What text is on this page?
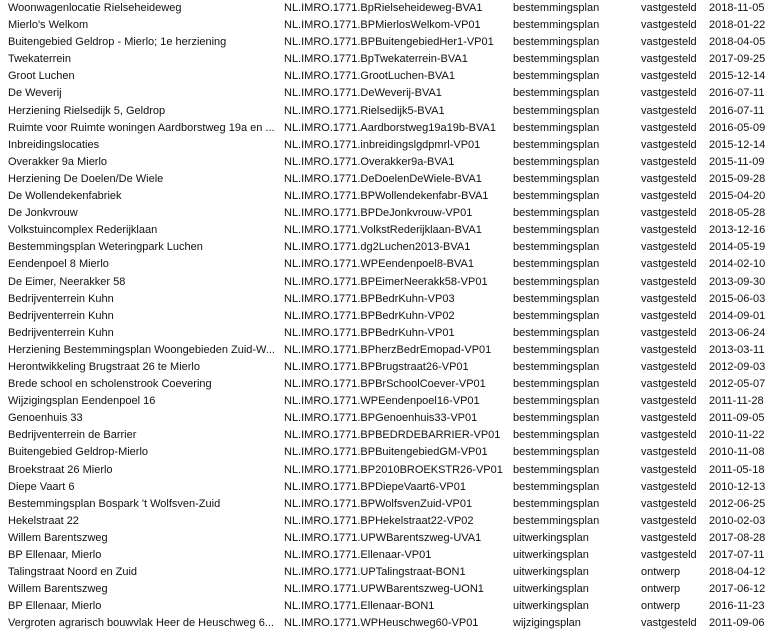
Woonwagenlocatie Rielseheideweg	NL.IMRO.1771.BpRielseheideweg-BVA1	bestemmingsplan	vastgesteld	2018-11-05
Mierlo's Welkom	NL.IMRO.1771.BPMierlosWelkom-VP01	bestemmingsplan	vastgesteld	2018-01-22
Buitengebied Geldrop - Mierlo; 1e herziening	NL.IMRO.1771.BPBuitengebiedHer1-VP01	bestemmingsplan	vastgesteld	2018-04-05
Twekaterrein	NL.IMRO.1771.BpTwekaterrein-BVA1	bestemmingsplan	vastgesteld	2017-09-25
Groot Luchen	NL.IMRO.1771.GrootLuchen-BVA1	bestemmingsplan	vastgesteld	2015-12-14
De Weverij	NL.IMRO.1771.DeWeverij-BVA1	bestemmingsplan	vastgesteld	2016-07-11
Herziening Rielsedijk 5, Geldrop	NL.IMRO.1771.Rielsedijk5-BVA1	bestemmingsplan	vastgesteld	2016-07-11
Ruimte voor Ruimte woningen Aardborstweg 19a en ... NL.IMRO.1771.Aardborstweg19a19b-BVA1	bestemmingsplan	vastgesteld	2016-05-09
Inbreidingslocaties	NL.IMRO.1771.inbreidingslgdpmrl-VP01	bestemmingsplan	vastgesteld	2015-12-14
Overakker 9a Mierlo	NL.IMRO.1771.Overakker9a-BVA1	bestemmingsplan	vastgesteld	2015-11-09
Herziening De Doelen/De Wiele	NL.IMRO.1771.DeDoelenDeWiele-BVA1	bestemmingsplan	vastgesteld	2015-09-28
De Wollendekenfabriek	NL.IMRO.1771.BPWollendekenfabr-BVA1	bestemmingsplan	vastgesteld	2015-04-20
De Jonkvrouw	NL.IMRO.1771.BPDeJonkvrouw-VP01	bestemmingsplan	vastgesteld	2018-05-28
Volkstuincomplex Rederijklaan	NL.IMRO.1771.VolkstRederijklaan-BVA1	bestemmingsplan	vastgesteld	2013-12-16
Bestemmingsplan Weteringpark Luchen	NL.IMRO.1771.dg2Luchen2013-BVA1	bestemmingsplan	vastgesteld	2014-05-19
Eendenpoel 8 Mierlo	NL.IMRO.1771.WPEendenpoel8-BVA1	bestemmingsplan	vastgesteld	2014-02-10
De Eimer, Neerakker 58	NL.IMRO.1771.BPEimerNeerakk58-VP01	bestemmingsplan	vastgesteld	2013-09-30
Bedrijventerrein Kuhn	NL.IMRO.1771.BPBedrKuhn-VP03	bestemmingsplan	vastgesteld	2015-06-03
Bedrijventerrein Kuhn	NL.IMRO.1771.BPBedrKuhn-VP02	bestemmingsplan	vastgesteld	2014-09-01
Bedrijventerrein Kuhn	NL.IMRO.1771.BPBedrKuhn-VP01	bestemmingsplan	vastgesteld	2013-06-24
Herziening Bestemmingsplan Woongebieden Zuid-W... NL.IMRO.1771.BPherzBedrEmopad-VP01	bestemmingsplan	vastgesteld	2013-03-11
Herontwikkeling Brugstraat 26 te Mierlo	NL.IMRO.1771.BPBrugstraat26-VP01	bestemmingsplan	vastgesteld	2012-09-03
Brede school en scholenstrook Coevering	NL.IMRO.1771.BPBrSchoolCoever-VP01	bestemmingsplan	vastgesteld	2012-05-07
Wijzigingsplan Eendenpoel 16	NL.IMRO.1771.WPEendenpoel16-VP01	bestemmingsplan	vastgesteld	2011-11-28
Genoenhuis 33	NL.IMRO.1771.BPGenoenhuis33-VP01	bestemmingsplan	vastgesteld	2011-09-05
Bedrijventerrein de Barrier	NL.IMRO.1771.BPBEDRDEBARRIER-VP01	bestemmingsplan	vastgesteld	2010-11-22
Buitengebied Geldrop-Mierlo	NL.IMRO.1771.BPBuitengebiedGM-VP01	bestemmingsplan	vastgesteld	2010-11-08
Broekstraat 26 Mierlo	NL.IMRO.1771.BP2010BROEKSTR26-VP01 bestemmingsplan	vastgesteld	2011-05-18
Diepe Vaart 6	NL.IMRO.1771.BPDiepeVaart6-VP01	bestemmingsplan	vastgesteld	2010-12-13
Bestemmingsplan Bospark 't Wolfsven-Zuid	NL.IMRO.1771.BPWolfsvenZuid-VP01	bestemmingsplan	vastgesteld	2012-06-25
Hekelstraat 22	NL.IMRO.1771.BPHekelstraat22-VP02	bestemmingsplan	vastgesteld	2010-02-03
Willem Barentszweg	NL.IMRO.1771.UPWBarentszweg-UVA1	uitwerkingsplan	vastgesteld	2017-08-28
BP Ellenaar, Mierlo	NL.IMRO.1771.Ellenaar-VP01	uitwerkingsplan	vastgesteld	2017-07-11
Talingstraat Noord en Zuid	NL.IMRO.1771.UPTalingstraat-BON1	uitwerkingsplan	ontwerp	2018-04-12
Willem Barentszweg	NL.IMRO.1771.UPWBarentszweg-UON1	uitwerkingsplan	ontwerp	2017-06-12
BP Ellenaar, Mierlo	NL.IMRO.1771.Ellenaar-BON1	uitwerkingsplan	ontwerp	2016-11-23
Vergroten agrarisch bouwvlak Heer de Heuschweg 6... NL.IMRO.1771.WPHeuschweg60-VP01	wijzigingsplan	vastgesteld	2011-09-06
